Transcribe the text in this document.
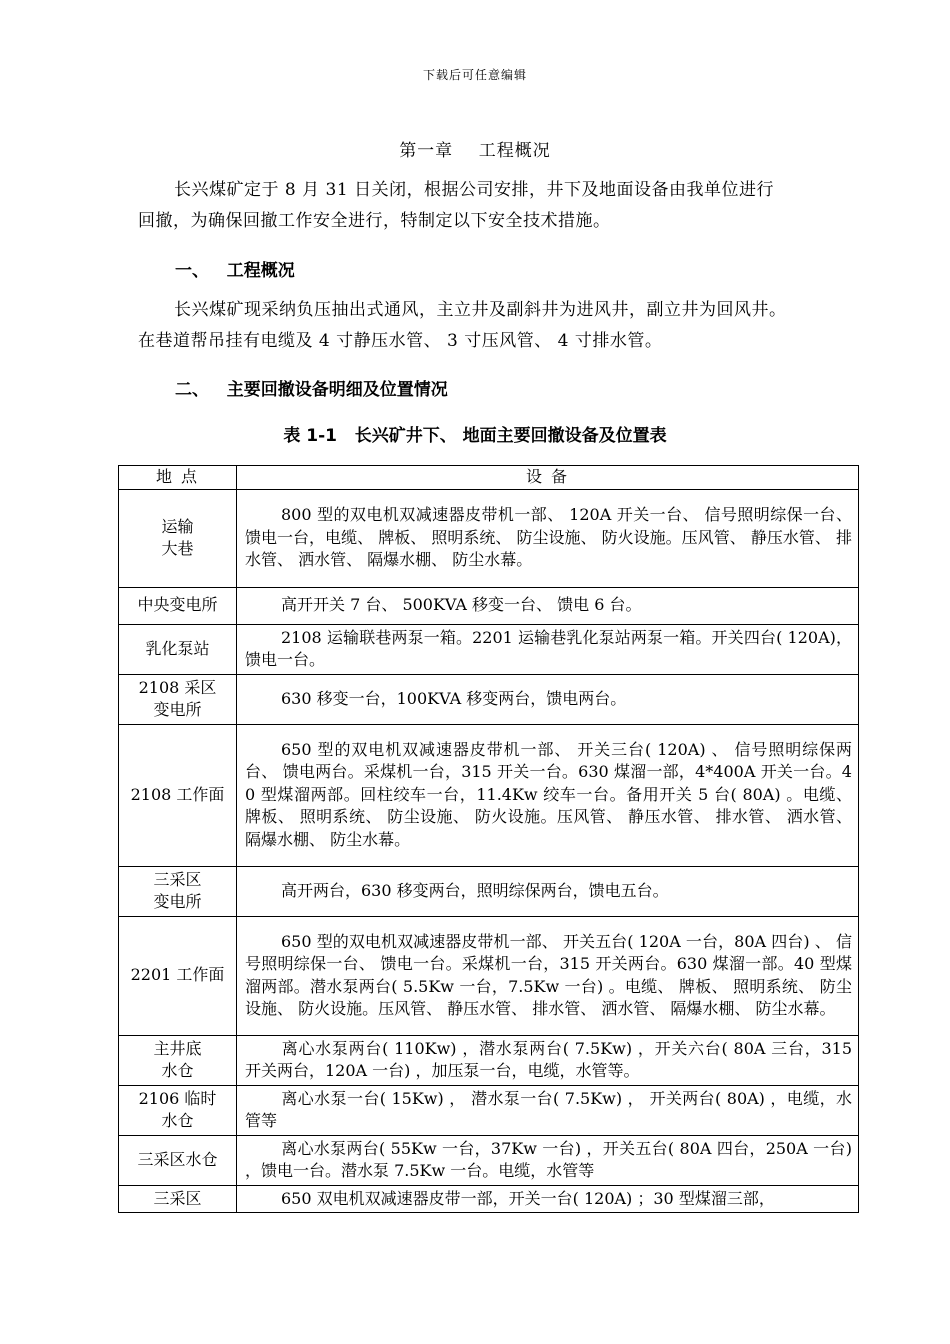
下载后可任意编辑
第一章    工程概况
长兴煤矿定于 8 月 31 日关闭，根据公司安排，井下及地面设备由我单位进行
回撤，为确保回撤工作安全进行，特制定以下安全技术措施。
一、   工程概况
长兴煤矿现采纳负压抽出式通风，主立井及副斜井为进风井，副立井为回风井。
在巷道帮吊挂有电缆及 4 寸静压水管、 3 寸压风管、 4 寸排水管。
二、   主要回撤设备明细及位置情况
表 1-1   长兴矿井下、 地面主要回撤设备及位置表
地 点	设 备
运输
大巷	800 型的双电机双减速器皮带机一部、 120A 开关一台、 信号照明综保一台、 馈电一台，电缆、 牌板、 照明系统、 防尘设施、 防火设施。压风管、 静压水管、 排水管、 洒水管、 隔爆水棚、 防尘水幕。
中央变电所	高开开关 7 台、 500KVA 移变一台、 馈电 6 台。
乳化泵站	2108 运输联巷两泵一箱。2201 运输巷乳化泵站两泵一箱。开关四台( 120A)，馈电一台。
2108 采区
变电所	630 移变一台，100KVA 移变两台，馈电两台。
2108 工作面	650 型的双电机双减速器皮带机一部、 开关三台( 120A) 、 信号照明综保两台、 馈电两台。采煤机一台，315 开关一台。630 煤溜一部，4*400A 开关一台。40 型煤溜两部。回柱绞车一台，11.4Kw 绞车一台。备用开关 5 台( 80A) 。电缆、 牌板、 照明系统、 防尘设施、 防火设施。压风管、 静压水管、 排水管、 洒水管、 隔爆水棚、 防尘水幕。
三采区
变电所	高开两台，630 移变两台，照明综保两台，馈电五台。
2201 工作面	650 型的双电机双减速器皮带机一部、 开关五台( 120A 一台，80A 四台) 、 信号照明综保一台、 馈电一台。采煤机一台，315 开关两台。630 煤溜一部。40 型煤溜两部。潜水泵两台( 5.5Kw 一台，7.5Kw 一台) 。电缆、 牌板、 照明系统、 防尘设施、 防火设施。压风管、 静压水管、 排水管、 洒水管、 隔爆水棚、 防尘水幕。
主井底
水仓	离心水泵两台( 110Kw) ，潜水泵两台( 7.5Kw) ，开关六台( 80A 三台，315 开关两台，120A 一台) ，加压泵一台，电缆，水管等。
2106 临时
水仓	离心水泵一台( 15Kw) ， 潜水泵一台( 7.5Kw) ， 开关两台( 80A) ，电缆，水管等
三采区水仓	离心水泵两台( 55Kw 一台，37Kw 一台) ，开关五台( 80A 四台，250A 一台) ，馈电一台。潜水泵 7.5Kw 一台。电缆，水管等
三采区	650 双电机双减速器皮带一部，开关一台( 120A) ；30 型煤溜三部，
